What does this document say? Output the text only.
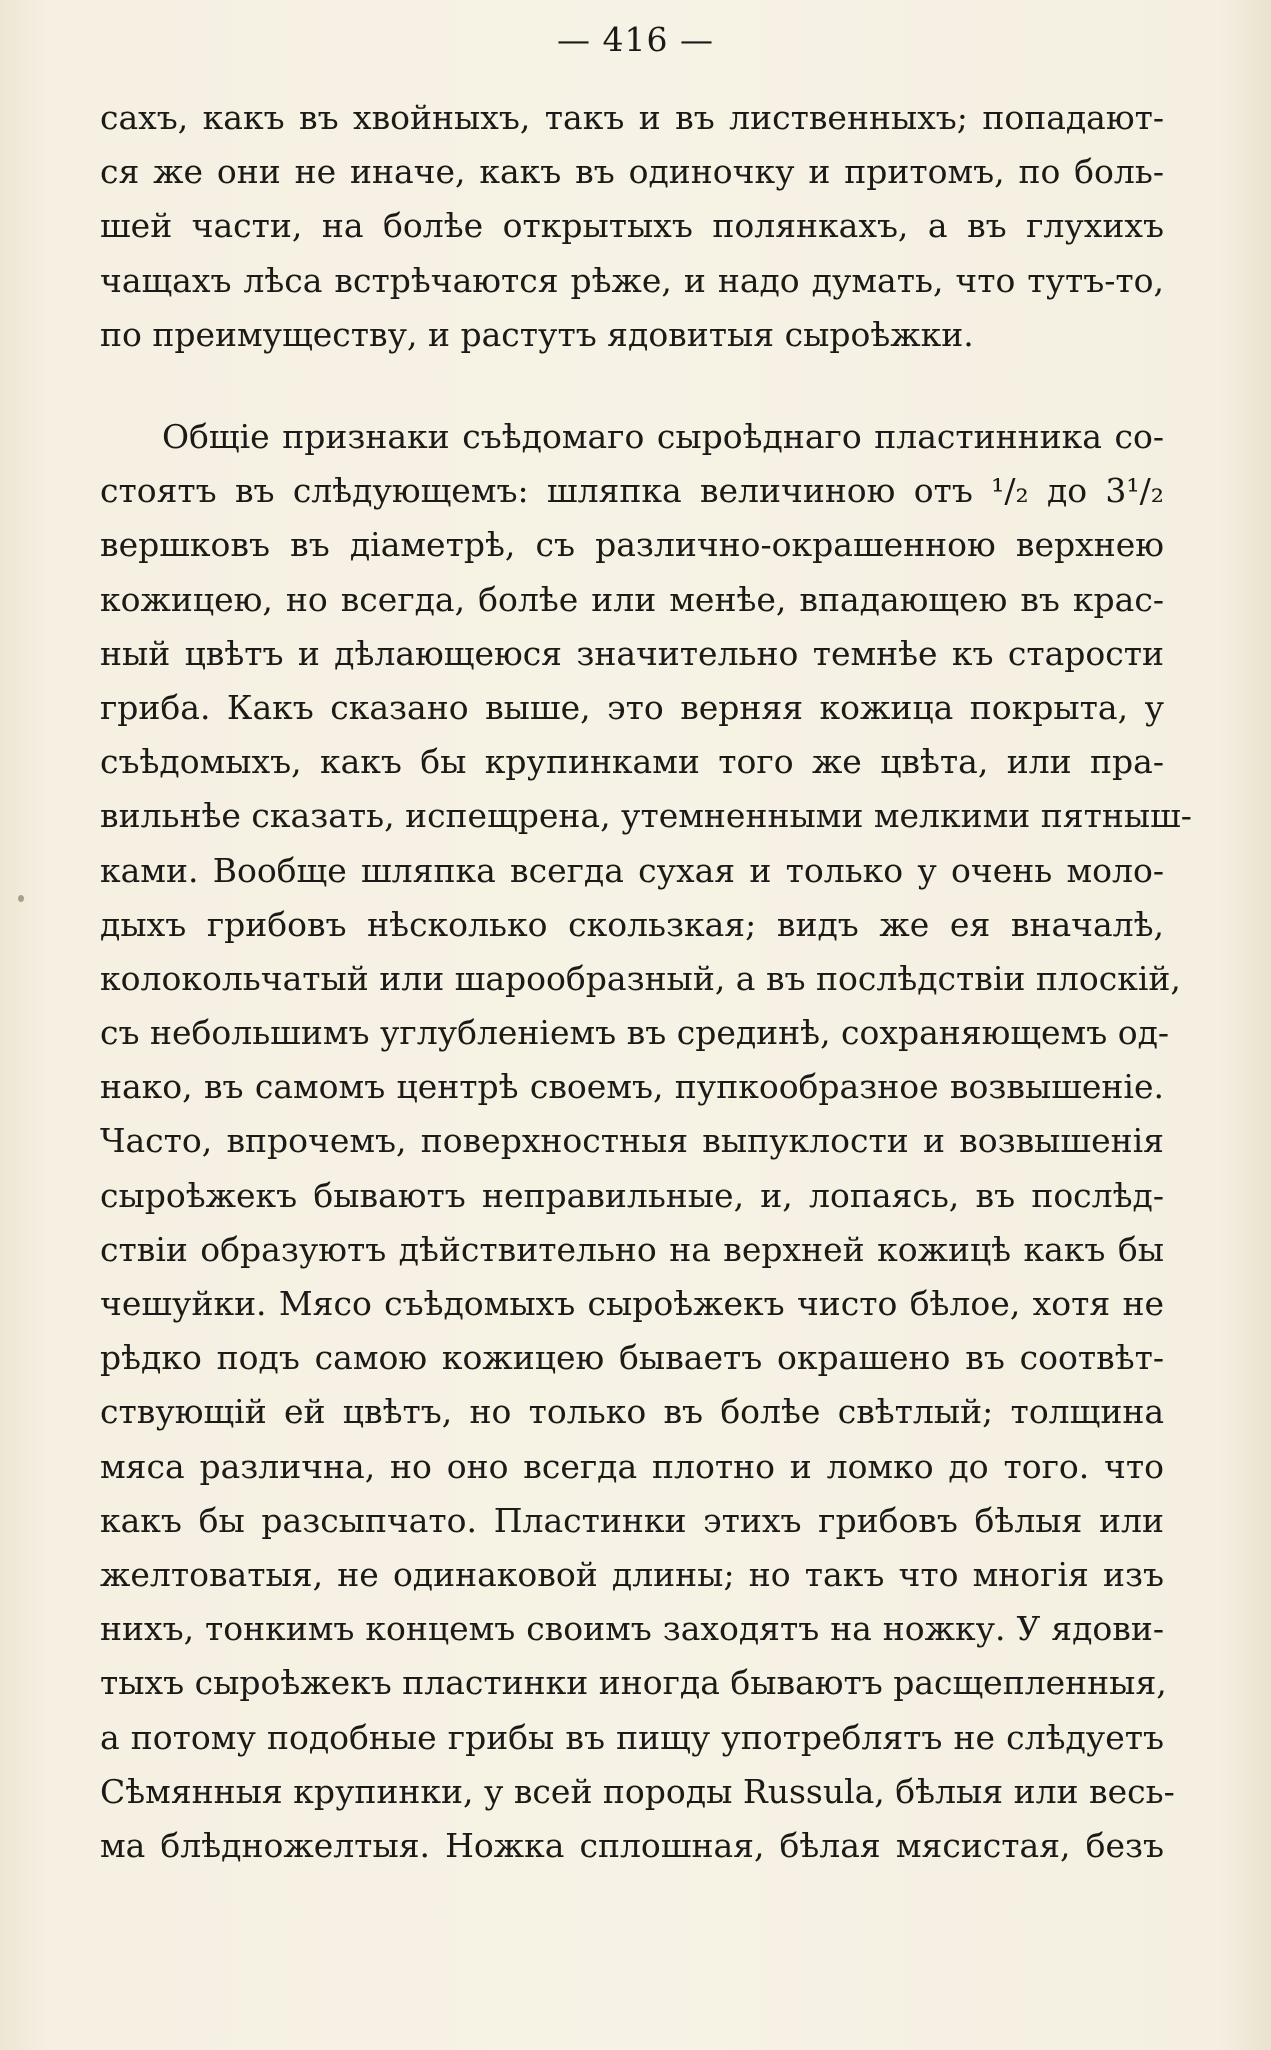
— 416 —
сахъ, какъ въ хвойныхъ, такъ и въ лиственныхъ; попадают-
ся же они не иначе, какъ въ одиночку и притомъ, по боль-
шей части, на болѣе открытыхъ полянкахъ, а въ глухихъ
чащахъ лѣса встрѣчаются рѣже, и надо думать, что тутъ-то,
по преимуществу, и растутъ ядовитыя сыроѣжки.
Общіе признаки съѣдомаго сыроѣднаго пластинника со-
стоятъ въ слѣдующемъ: шляпка величиною отъ ¹/₂ до 3¹/₂
вершковъ въ діаметрѣ, съ различно-окрашенною верхнею
кожицею, но всегда, болѣе или менѣе, впадающею въ крас-
ный цвѣтъ и дѣлающеюся значительно темнѣе къ старости
гриба. Какъ сказано выше, это верняя кожица покрыта, у
съѣдомыхъ, какъ бы крупинками того же цвѣта, или пра-
вильнѣе сказать, испещрена, утемненными мелкими пятныш-
ками. Вообще шляпка всегда сухая и только у очень моло-
дыхъ грибовъ нѣсколько скользкая; видъ же ея вначалѣ,
колокольчатый или шарообразный, а въ послѣдствіи плоскій,
съ небольшимъ углубленіемъ въ срединѣ, сохраняющемъ од-
нако, въ самомъ центрѣ своемъ, пупкообразное возвышеніе.
Часто, впрочемъ, поверхностныя выпуклости и возвышенія
сыроѣжекъ бываютъ неправильные, и, лопаясь, въ послѣд-
ствіи образуютъ дѣйствительно на верхней кожицѣ какъ бы
чешуйки. Мясо съѣдомыхъ сыроѣжекъ чисто бѣлое, хотя не
рѣдко подъ самою кожицею бываетъ окрашено въ соотвѣт-
ствующій ей цвѣтъ, но только въ болѣе свѣтлый; толщина
мяса различна, но оно всегда плотно и ломко до того. что
какъ бы разсыпчато. Пластинки этихъ грибовъ бѣлыя или
желтоватыя, не одинаковой длины; но такъ что многія изъ
нихъ, тонкимъ концемъ своимъ заходятъ на ножку. У ядови-
тыхъ сыроѣжекъ пластинки иногда бываютъ расщепленныя,
а потому подобные грибы въ пищу употреблятъ не слѣдуетъ
Сѣмянныя крупинки, у всей породы Russula, бѣлыя или весь-
ма блѣдножелтыя. Ножка сплошная, бѣлая мясистая, безъ
